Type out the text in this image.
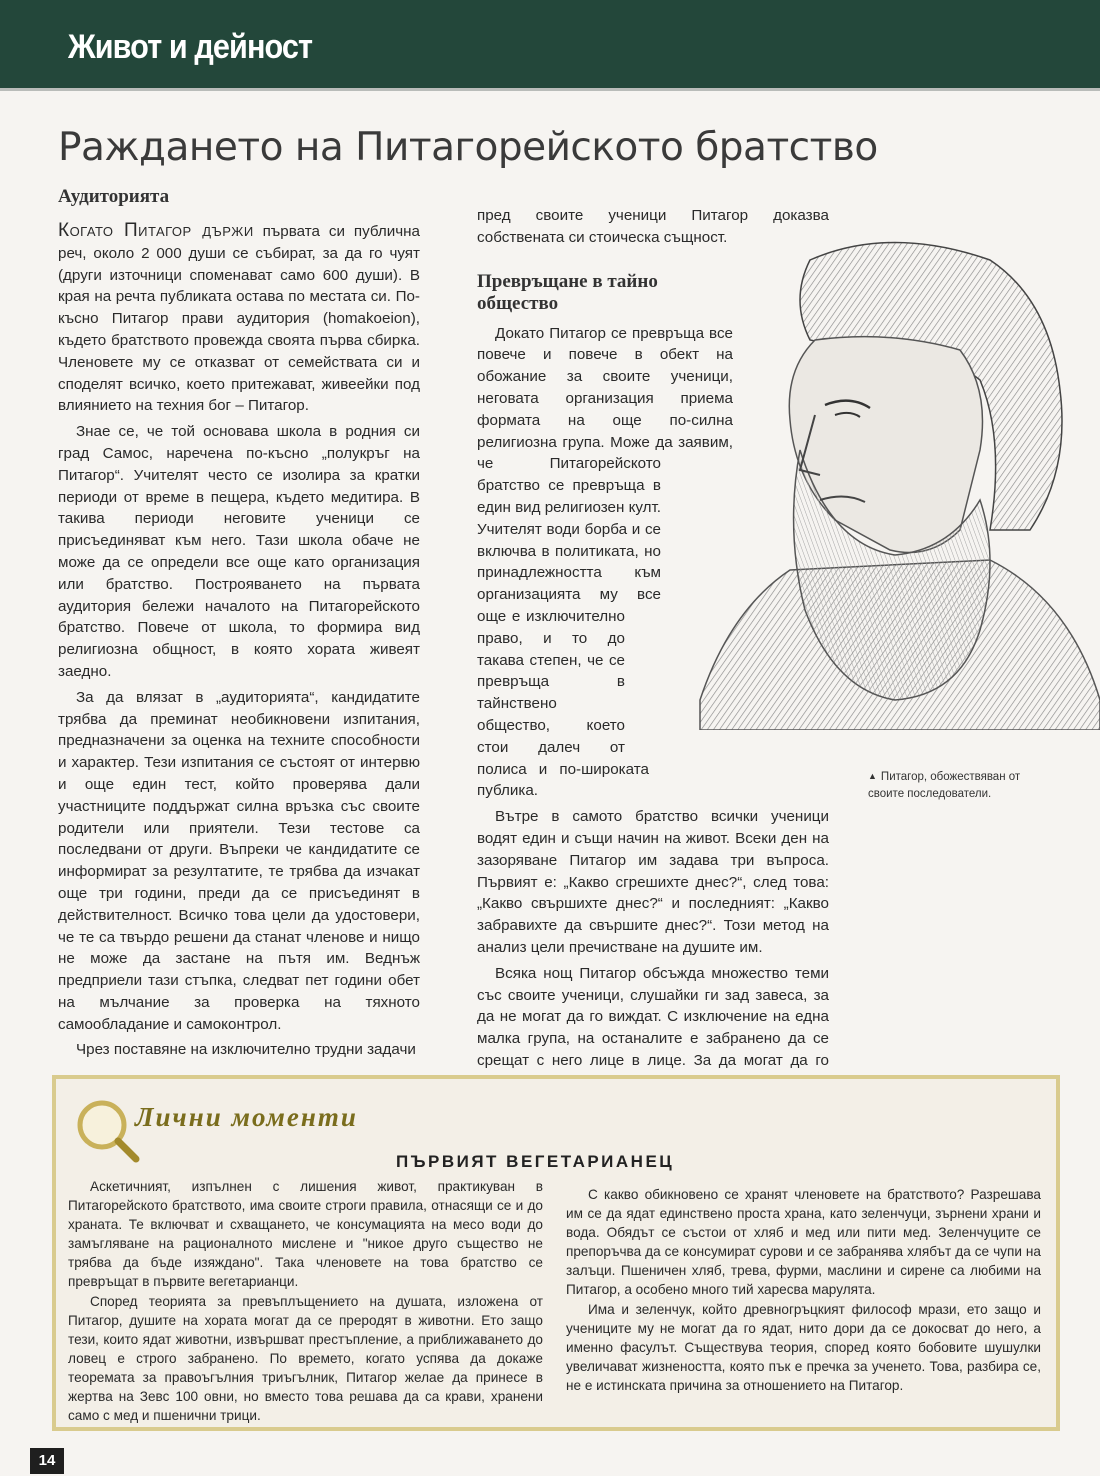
Живот и дейност
Раждането на Питагорейското братство
Аудиторията

Когато Питагор държи първата си публична реч, около 2 000 души се събират, за да го чуят (други източници споменават само 600 души). В края на речта публиката остава по местата си. По-късно Питагор прави аудитория (homakoeion), където братството провежда своята първа сбирка. Членовете му се отказват от семействата си и споделят всичко, което притежават, живеейки под влиянието на техния бог – Питагор.

Знае се, че той основава школа в родния си град Самос, наречена по-късно „полукръг на Питагор“. Учителят често се изолира за кратки периоди от време в пещера, където медитира. В такива периоди неговите ученици се присъединяват към него. Тази школа обаче не може да се определи все още като организация или братство. Построяването на първата аудитория бележи началото на Питагорейското братство. Повече от школа, то формира вид религиозна общност, в която хората живеят заедно.

За да влязат в „аудиторията“, кандидатите трябва да преминат необикновени изпитания, предназначени за оценка на техните способности и характер. Тези изпитания се състоят от интервю и още един тест, който проверява дали участниците поддържат силна връзка със своите родители или приятели. Тези тестове са последвани от други. Въпреки че кандидатите се информират за резултатите, те трябва да изчакат още три години, преди да се присъединят в действителност. Всичко това цели да удостовери, че те са твърдо решени да станат членове и нищо не може да застане на пътя им. Веднъж предприели тази стъпка, следват пет години обет на мълчание за проверка на тяхното самообладание и самоконтрол.

Чрез поставяне на изключително трудни задачи

пред своите ученици Питагор доказва собствената си стоическа същност.

Превръщане в тайно общество

Докато Питагор се превръща все повече и повече в обект на обожание за своите ученици, неговата организация приема формата на още по-силна религиозна група. Може да заявим, че Питагорейското братство се превръща в един вид религиозен култ. Учителят води борба и се включва в политиката, но принадлежността към организацията му все още е изключително право, и то до такава степен, че се превръща в тайнствено общество, което стои далеч от полиса и по-широката публика.

Вътре в самото братство всички ученици водят един и същи начин на живот. Всеки ден на зазоряване Питагор им задава три въпроса. Първият е: „Какво сгрешихте днес?“, след това: „Какво свършихте днес?“ и последният: „Какво забравихте да свършите днес?“. Този метод на анализ цели пречистване на душите им.

Всяка нощ Питагор обсъжда множество теми със своите ученици, слушайки ги зад завеса, за да не могат да го виждат. С изключение на една малка група, на останалите е забранено да се срещат с него лице в лице. За да могат да го

▲ Питагор, обожествяван от своите последователи.
Лични моменти
ПЪРВИЯТ ВЕГЕТАРИАНЕЦ

Аскетичният, изпълнен с лишения живот, практикуван в Питагорейското братството, има своите строги правила, отнасящи се и до храната. Те включват и схващането, че консумацията на месо води до замъгляване на рационалното мислене и "никое друго същество не трябва да бъде изяждано". Така членовете на това братство се превръщат в първите вегетарианци.

Според теорията за превъплъщението на душата, изложена от Питагор, душите на хората могат да се преродят в животни. Ето защо тези, които ядат животни, извършват престъпление, а приближаването до ловец е строго забранено. По времето, когато успява да докаже теоремата за правоъгълния триъгълник, Питагор желае да принесе в жертва на Зевс 100 овни, но вместо това решава да са крави, хранени само с мед и пшенични трици.

С какво обикновено се хранят членовете на братството? Разрешава им се да ядат единствено проста храна, като зеленчуци, зърнени храни и вода. Обядът се състои от хляб и мед или пити мед. Зеленчуците се препоръчва да се консумират сурови и се забранява хлябът да се чупи на залъци. Пшеничен хляб, трева, фурми, маслини и сирене са любими на Питагор, а особено много тий харесва марулята.

Има и зеленчук, който древногръцкият философ мрази, ето защо и учениците му не могат да го ядат, нито дори да се докосват до него, а именно фасулът. Съществува теория, според която бобовите шушулки увеличават жизнеността, която пък е пречка за ученето. Това, разбира се, не е истинската причина за отношението на Питагор.

14
